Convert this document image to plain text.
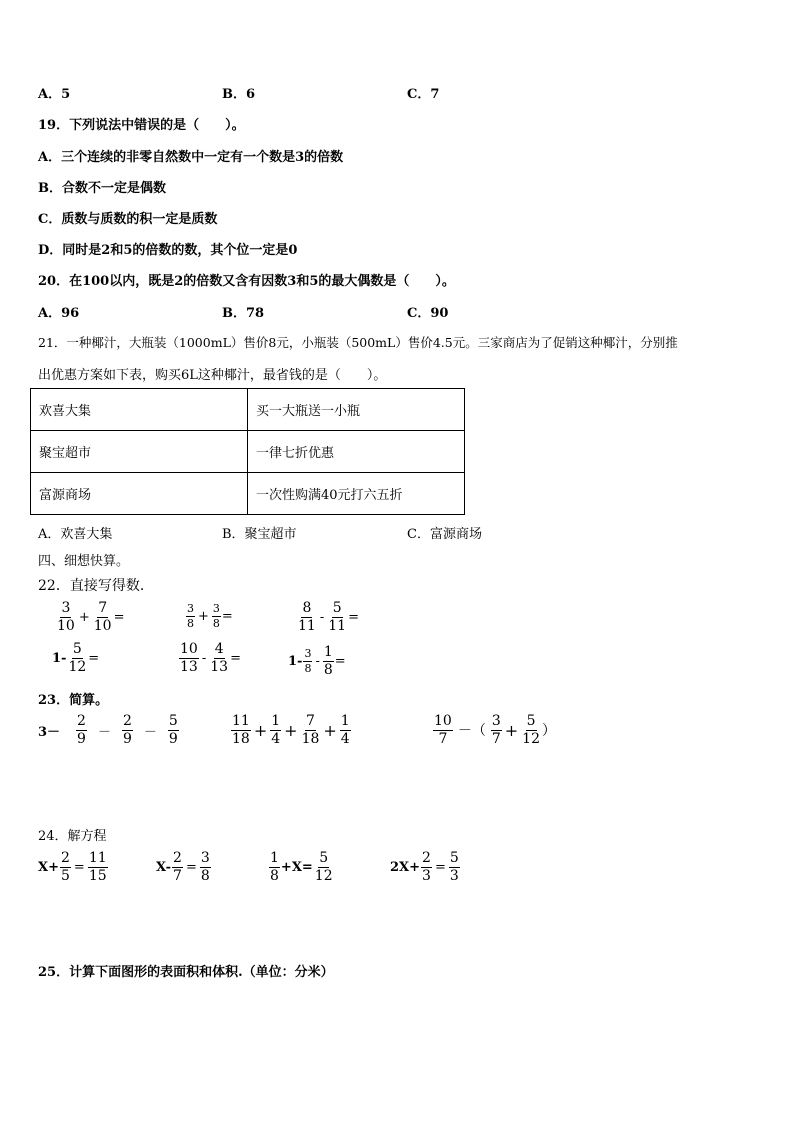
A．5	B．6	C．7
19．下列说法中错误的是（　　）。
A．三个连续的非零自然数中一定有一个数是3的倍数
B．合数不一定是偶数
C．质数与质数的积一定是质数
D．同时是2和5的倍数的数，其个位一定是0
20．在100以内，既是2的倍数又含有因数3和5的最大偶数是（　　）。
A．96	B．78	C．90
21．一种椰汁，大瓶装（1000mL）售价8元，小瓶装（500mL）售价4.5元。三家商店为了促销这种椰汁，分别推
出优惠方案如下表，购买6L这种椰汁，最省钱的是（　　）。
欢喜大集	买一大瓶送一小瓶
聚宝超市	一律七折优惠
富源商场	一次性购满40元打六五折
A．欢喜大集	B．聚宝超市	C．富源商场
四、细想快算。
22．直接写得数.
$\frac{3}{10} + \frac{7}{10}$ =	$\frac{3}{8} + \frac{3}{8}$ =	$\frac{8}{11} - \frac{5}{11}$ =
$1- \frac{5}{12}$ =	$\frac{10}{13} - \frac{4}{13}$ =	$1- \frac{3}{8} - \frac{1}{8}$ =
23．简算。
$3- \frac{2}{9} - \frac{2}{9} - \frac{5}{9}$	$\frac{11}{18} + \frac{1}{4} + \frac{7}{18} + \frac{1}{4}$	$\frac{10}{7}$ －（ $\frac{3}{7} + \frac{5}{12}$ ）
24．解方程
$X+ \frac{2}{5} = \frac{11}{15}$	$X- \frac{2}{7} = \frac{3}{8}$	$\frac{1}{8} +X= \frac{5}{12}$	$2X+ \frac{2}{3} = \frac{5}{3}$
25．计算下面图形的表面积和体积.（单位：分米）
